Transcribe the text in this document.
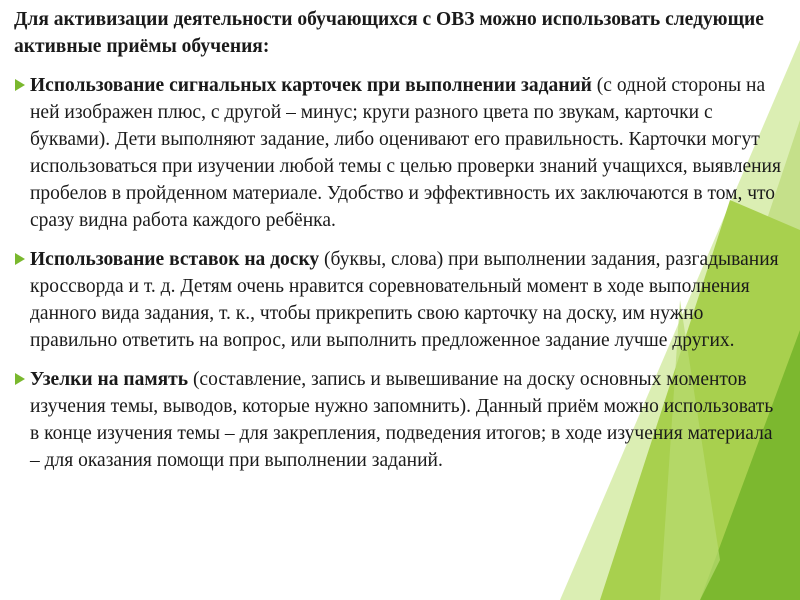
Для активизации деятельности обучающихся с ОВЗ можно использовать следующие активные приёмы обучения:
Использование сигнальных карточек при выполнении заданий (с одной стороны на ней изображен плюс, с другой – минус; круги разного цвета по звукам, карточки с буквами). Дети выполняют задание, либо оценивают его правильность. Карточки могут использоваться при изучении любой темы с целью проверки знаний учащихся, выявления пробелов в пройденном материале. Удобство и эффективность их заключаются в том, что сразу видна работа каждого ребёнка.
Использование вставок на доску (буквы, слова) при выполнении задания, разгадывания кроссворда и т. д. Детям очень нравится соревновательный момент в ходе выполнения данного вида задания, т. к., чтобы прикрепить свою карточку на доску, им нужно правильно ответить на вопрос, или выполнить предложенное задание лучше других.
Узелки на память (составление, запись и вывешивание на доску основных моментов изучения темы, выводов, которые нужно запомнить). Данный приём можно использовать в конце изучения темы – для закрепления, подведения итогов; в ходе изучения материала – для оказания помощи при выполнении заданий.
